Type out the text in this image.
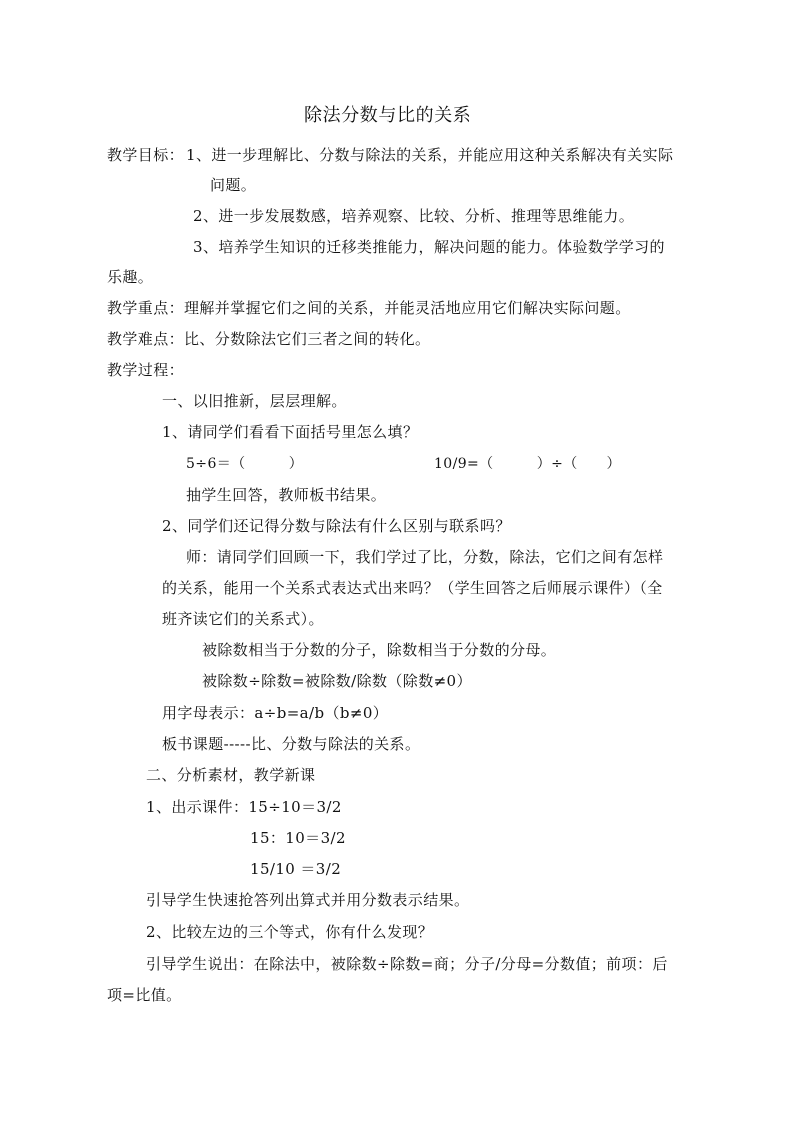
除法分数与比的关系
教学目标： 1、进一步理解比、分数与除法的关系，并能应用这种关系解决有关实际
问题。
2、进一步发展数感，培养观察、比较、分析、推理等思维能力。
3、培养学生知识的迁移类推能力，解决问题的能力。体验数学学习的
乐趣。
教学重点：理解并掌握它们之间的关系，并能灵活地应用它们解决实际问题。
教学难点：比、分数除法它们三者之间的转化。
教学过程：
一、以旧推新，层层理解。
1、请同学们看看下面括号里怎么填？
5÷6＝（　　　）	10/9=（　　　）÷（　　）
抽学生回答，教师板书结果。
2、同学们还记得分数与除法有什么区别与联系吗？
师：请同学们回顾一下，我们学过了比，分数，除法，它们之间有怎样
的关系，能用一个关系式表达式出来吗？（学生回答之后师展示课件）（全
班齐读它们的关系式）。
被除数相当于分数的分子，除数相当于分数的分母。
被除数÷除数=被除数/除数（除数≠0）
用字母表示：a÷b=a/b（b≠0）
板书课题-----比、分数与除法的关系。
二、分析素材，教学新课
1、出示课件：15÷10＝3/2
15：10＝3/2
15/10 ＝3/2
引导学生快速抢答列出算式并用分数表示结果。
2、比较左边的三个等式，你有什么发现？
引导学生说出：在除法中，被除数÷除数=商；分子/分母=分数值；前项：后
项=比值。
